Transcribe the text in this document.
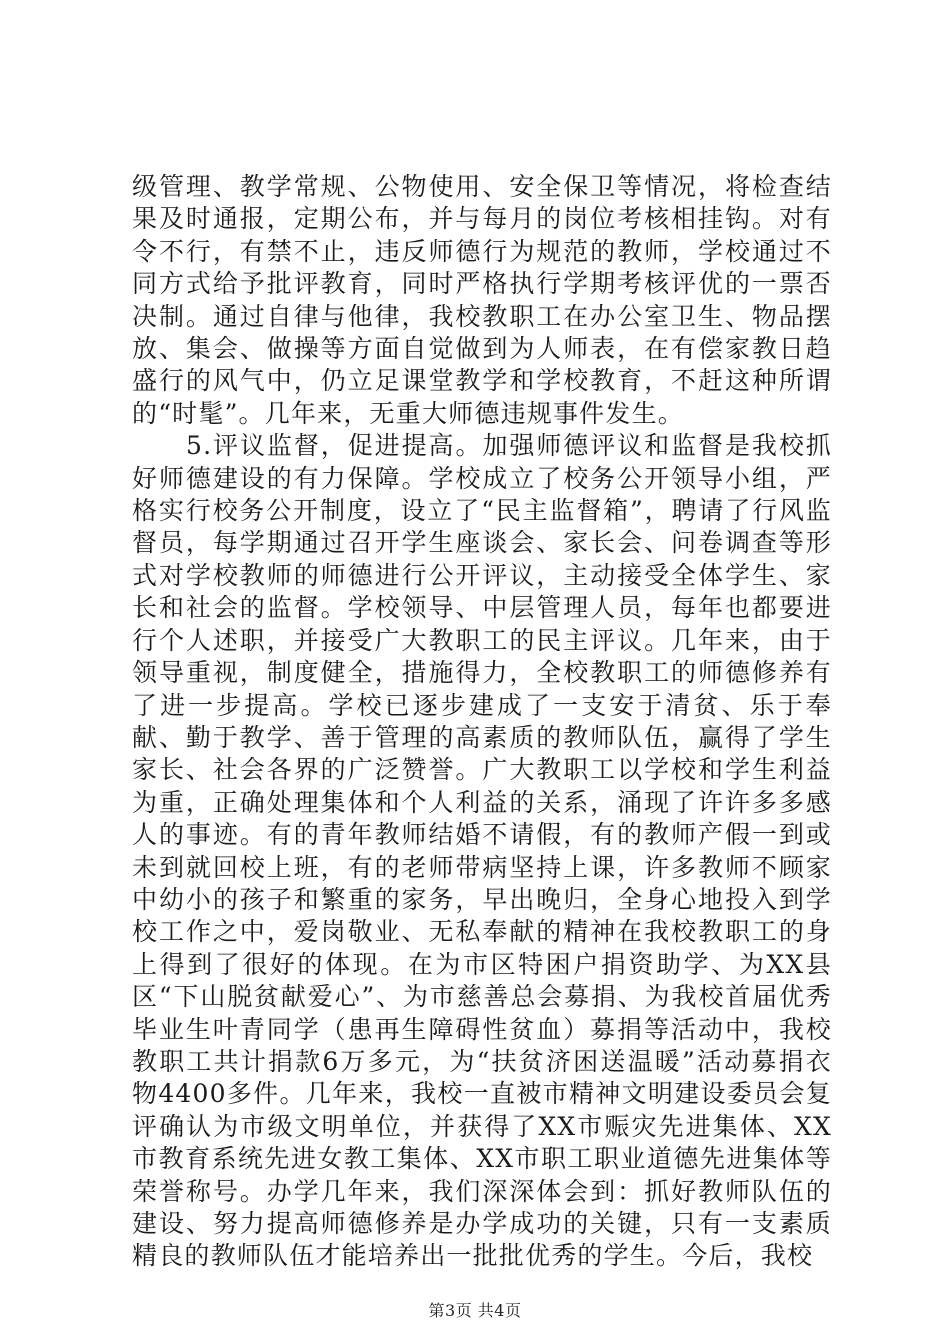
级管理、教学常规、公物使用、安全保卫等情况，将检查结果及时通报，定期公布，并与每月的岗位考核相挂钩。对有令不行，有禁不止，违反师德行为规范的教师，学校通过不同方式给予批评教育，同时严格执行学期考核评优的一票否决制。通过自律与他律，我校教职工在办公室卫生、物品摆放、集会、做操等方面自觉做到为人师表，在有偿家教日趋盛行的风气中，仍立足课堂教学和学校教育，不赶这种所谓的“时髦”。几年来，无重大师德违规事件发生。

5.评议监督，促进提高。加强师德评议和监督是我校抓好师德建设的有力保障。学校成立了校务公开领导小组，严格实行校务公开制度，设立了“民主监督箱”，聘请了行风监督员，每学期通过召开学生座谈会、家长会、问卷调查等形式对学校教师的师德进行公开评议，主动接受全体学生、家长和社会的监督。学校领导、中层管理人员，每年也都要进行个人述职，并接受广大教职工的民主评议。几年来，由于领导重视，制度健全，措施得力，全校教职工的师德修养有了进一步提高。学校已逐步建成了一支安于清贫、乐于奉献、勤于教学、善于管理的高素质的教师队伍，赢得了学生家长、社会各界的广泛赞誉。广大教职工以学校和学生利益为重，正确处理集体和个人利益的关系，涌现了许许多多感人的事迹。有的青年教师结婚不请假，有的教师产假一到或未到就回校上班，有的老师带病坚持上课，许多教师不顾家中幼小的孩子和繁重的家务，早出晚归，全身心地投入到学校工作之中，爱岗敬业、无私奉献的精神在我校教职工的身上得到了很好的体现。在为市区特困户捐资助学、为XX县区“下山脱贫献爱心”、为市慈善总会募捐、为我校首届优秀毕业生叶青同学（患再生障碍性贫血）募捐等活动中，我校教职工共计捐款6万多元，为“扶贫济困送温暖”活动募捐衣物4400多件。几年来，我校一直被市精神文明建设委员会复评确认为市级文明单位，并获得了XX市赈灾先进集体、XX市教育系统先进女教工集体、XX市职工职业道德先进集体等荣誉称号。办学几年来，我们深深体会到：抓好教师队伍的建设、努力提高师德修养是办学成功的关键，只有一支素质精良的教师队伍才能培养出一批批优秀的学生。今后，我校

第3页 共4页
